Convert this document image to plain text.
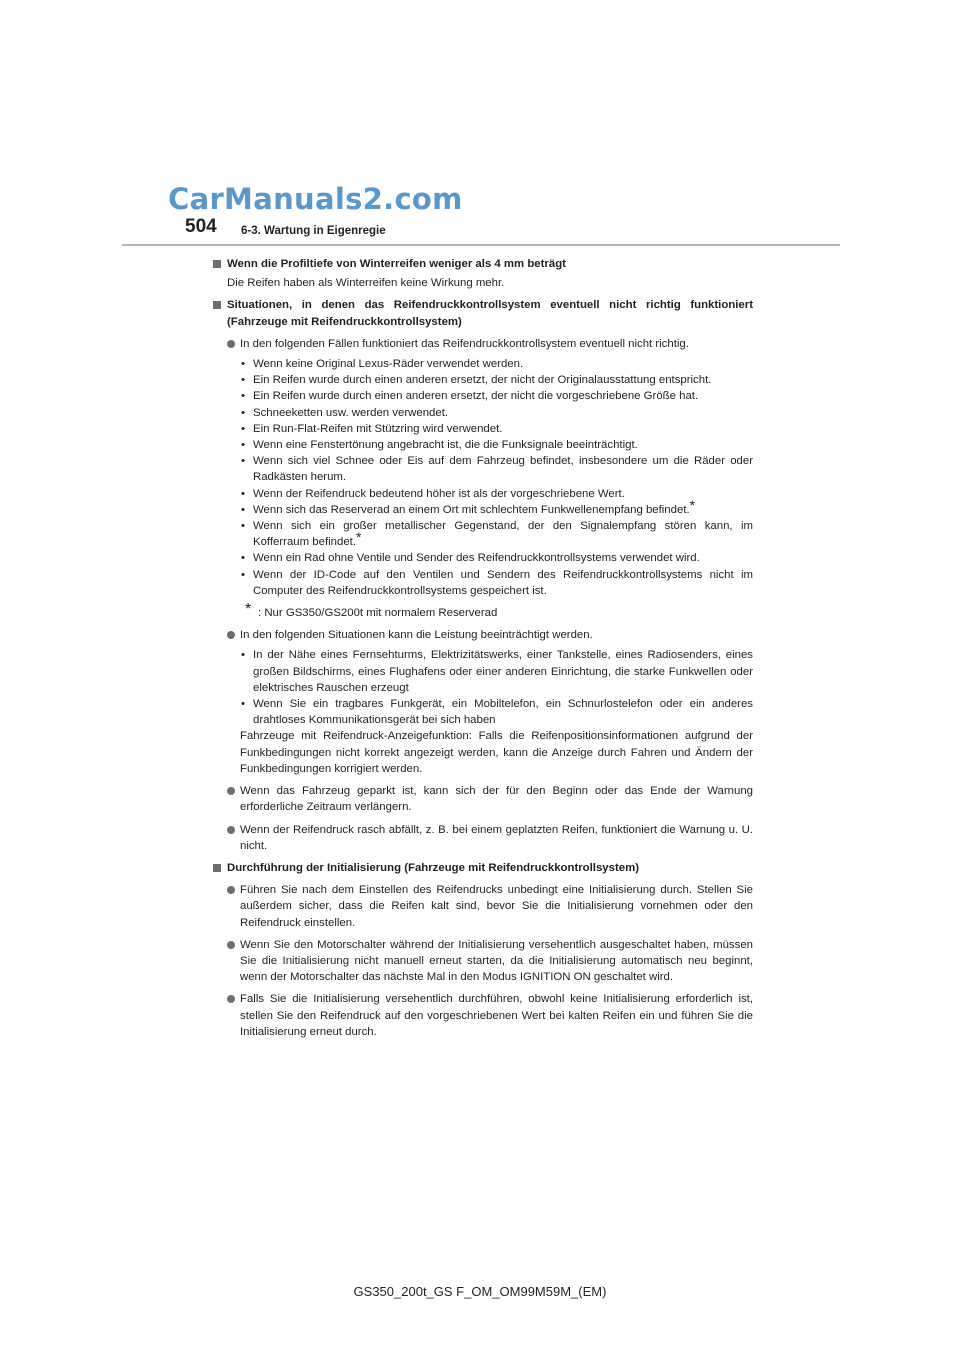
CarManuals2.com
504 6-3. Wartung in Eigenregie
Wenn die Profiltiefe von Winterreifen weniger als 4 mm beträgt
Die Reifen haben als Winterreifen keine Wirkung mehr.
Situationen, in denen das Reifendruckkontrollsystem eventuell nicht richtig funktioniert (Fahrzeuge mit Reifendruckkontrollsystem)
In den folgenden Fällen funktioniert das Reifendruckkontrollsystem eventuell nicht richtig.
• Wenn keine Original Lexus-Räder verwendet werden.
• Ein Reifen wurde durch einen anderen ersetzt, der nicht der Originalausstattung entspricht.
• Ein Reifen wurde durch einen anderen ersetzt, der nicht die vorgeschriebene Größe hat.
• Schneeketten usw. werden verwendet.
• Ein Run-Flat-Reifen mit Stützring wird verwendet.
• Wenn eine Fenstertönung angebracht ist, die die Funksignale beeinträchtigt.
• Wenn sich viel Schnee oder Eis auf dem Fahrzeug befindet, insbesondere um die Räder oder Radkästen herum.
• Wenn der Reifendruck bedeutend höher ist als der vorgeschriebene Wert.
• Wenn sich das Reserverad an einem Ort mit schlechtem Funkwellenempfang befindet.*
• Wenn sich ein großer metallischer Gegenstand, der den Signalempfang stören kann, im Kofferraum befindet.*
• Wenn ein Rad ohne Ventile und Sender des Reifendruckkontrollsystems verwendet wird.
• Wenn der ID-Code auf den Ventilen und Sendern des Reifendruckkontrollsystems nicht im Computer des Reifendruckkontrollsystems gespeichert ist.
* : Nur GS350/GS200t mit normalem Reserverad
In den folgenden Situationen kann die Leistung beeinträchtigt werden.
• In der Nähe eines Fernsehturms, Elektrizitätswerks, einer Tankstelle, eines Radiosenders, eines großen Bildschirms, eines Flughafens oder einer anderen Einrichtung, die starke Funkwellen oder elektrisches Rauschen erzeugt
• Wenn Sie ein tragbares Funkgerät, ein Mobiltelefon, ein Schnurlostelefon oder ein anderes drahtloses Kommunikationsgerät bei sich haben
Fahrzeuge mit Reifendruck-Anzeigefunktion: Falls die Reifenpositionsinformationen aufgrund der Funkbedingungen nicht korrekt angezeigt werden, kann die Anzeige durch Fahren und Ändern der Funkbedingungen korrigiert werden.
Wenn das Fahrzeug geparkt ist, kann sich der für den Beginn oder das Ende der Warnung erforderliche Zeitraum verlängern.
Wenn der Reifendruck rasch abfällt, z. B. bei einem geplatzten Reifen, funktioniert die Warnung u. U. nicht.
Durchführung der Initialisierung (Fahrzeuge mit Reifendruckkontrollsystem)
Führen Sie nach dem Einstellen des Reifendrucks unbedingt eine Initialisierung durch. Stellen Sie außerdem sicher, dass die Reifen kalt sind, bevor Sie die Initialisierung vornehmen oder den Reifendruck einstellen.
Wenn Sie den Motorschalter während der Initialisierung versehentlich ausgeschaltet haben, müssen Sie die Initialisierung nicht manuell erneut starten, da die Initialisierung automatisch neu beginnt, wenn der Motorschalter das nächste Mal in den Modus IGNITION ON geschaltet wird.
Falls Sie die Initialisierung versehentlich durchführen, obwohl keine Initialisierung erforderlich ist, stellen Sie den Reifendruck auf den vorgeschriebenen Wert bei kalten Reifen ein und führen Sie die Initialisierung erneut durch.
GS350_200t_GS F_OM_OM99M59M_(EM)
